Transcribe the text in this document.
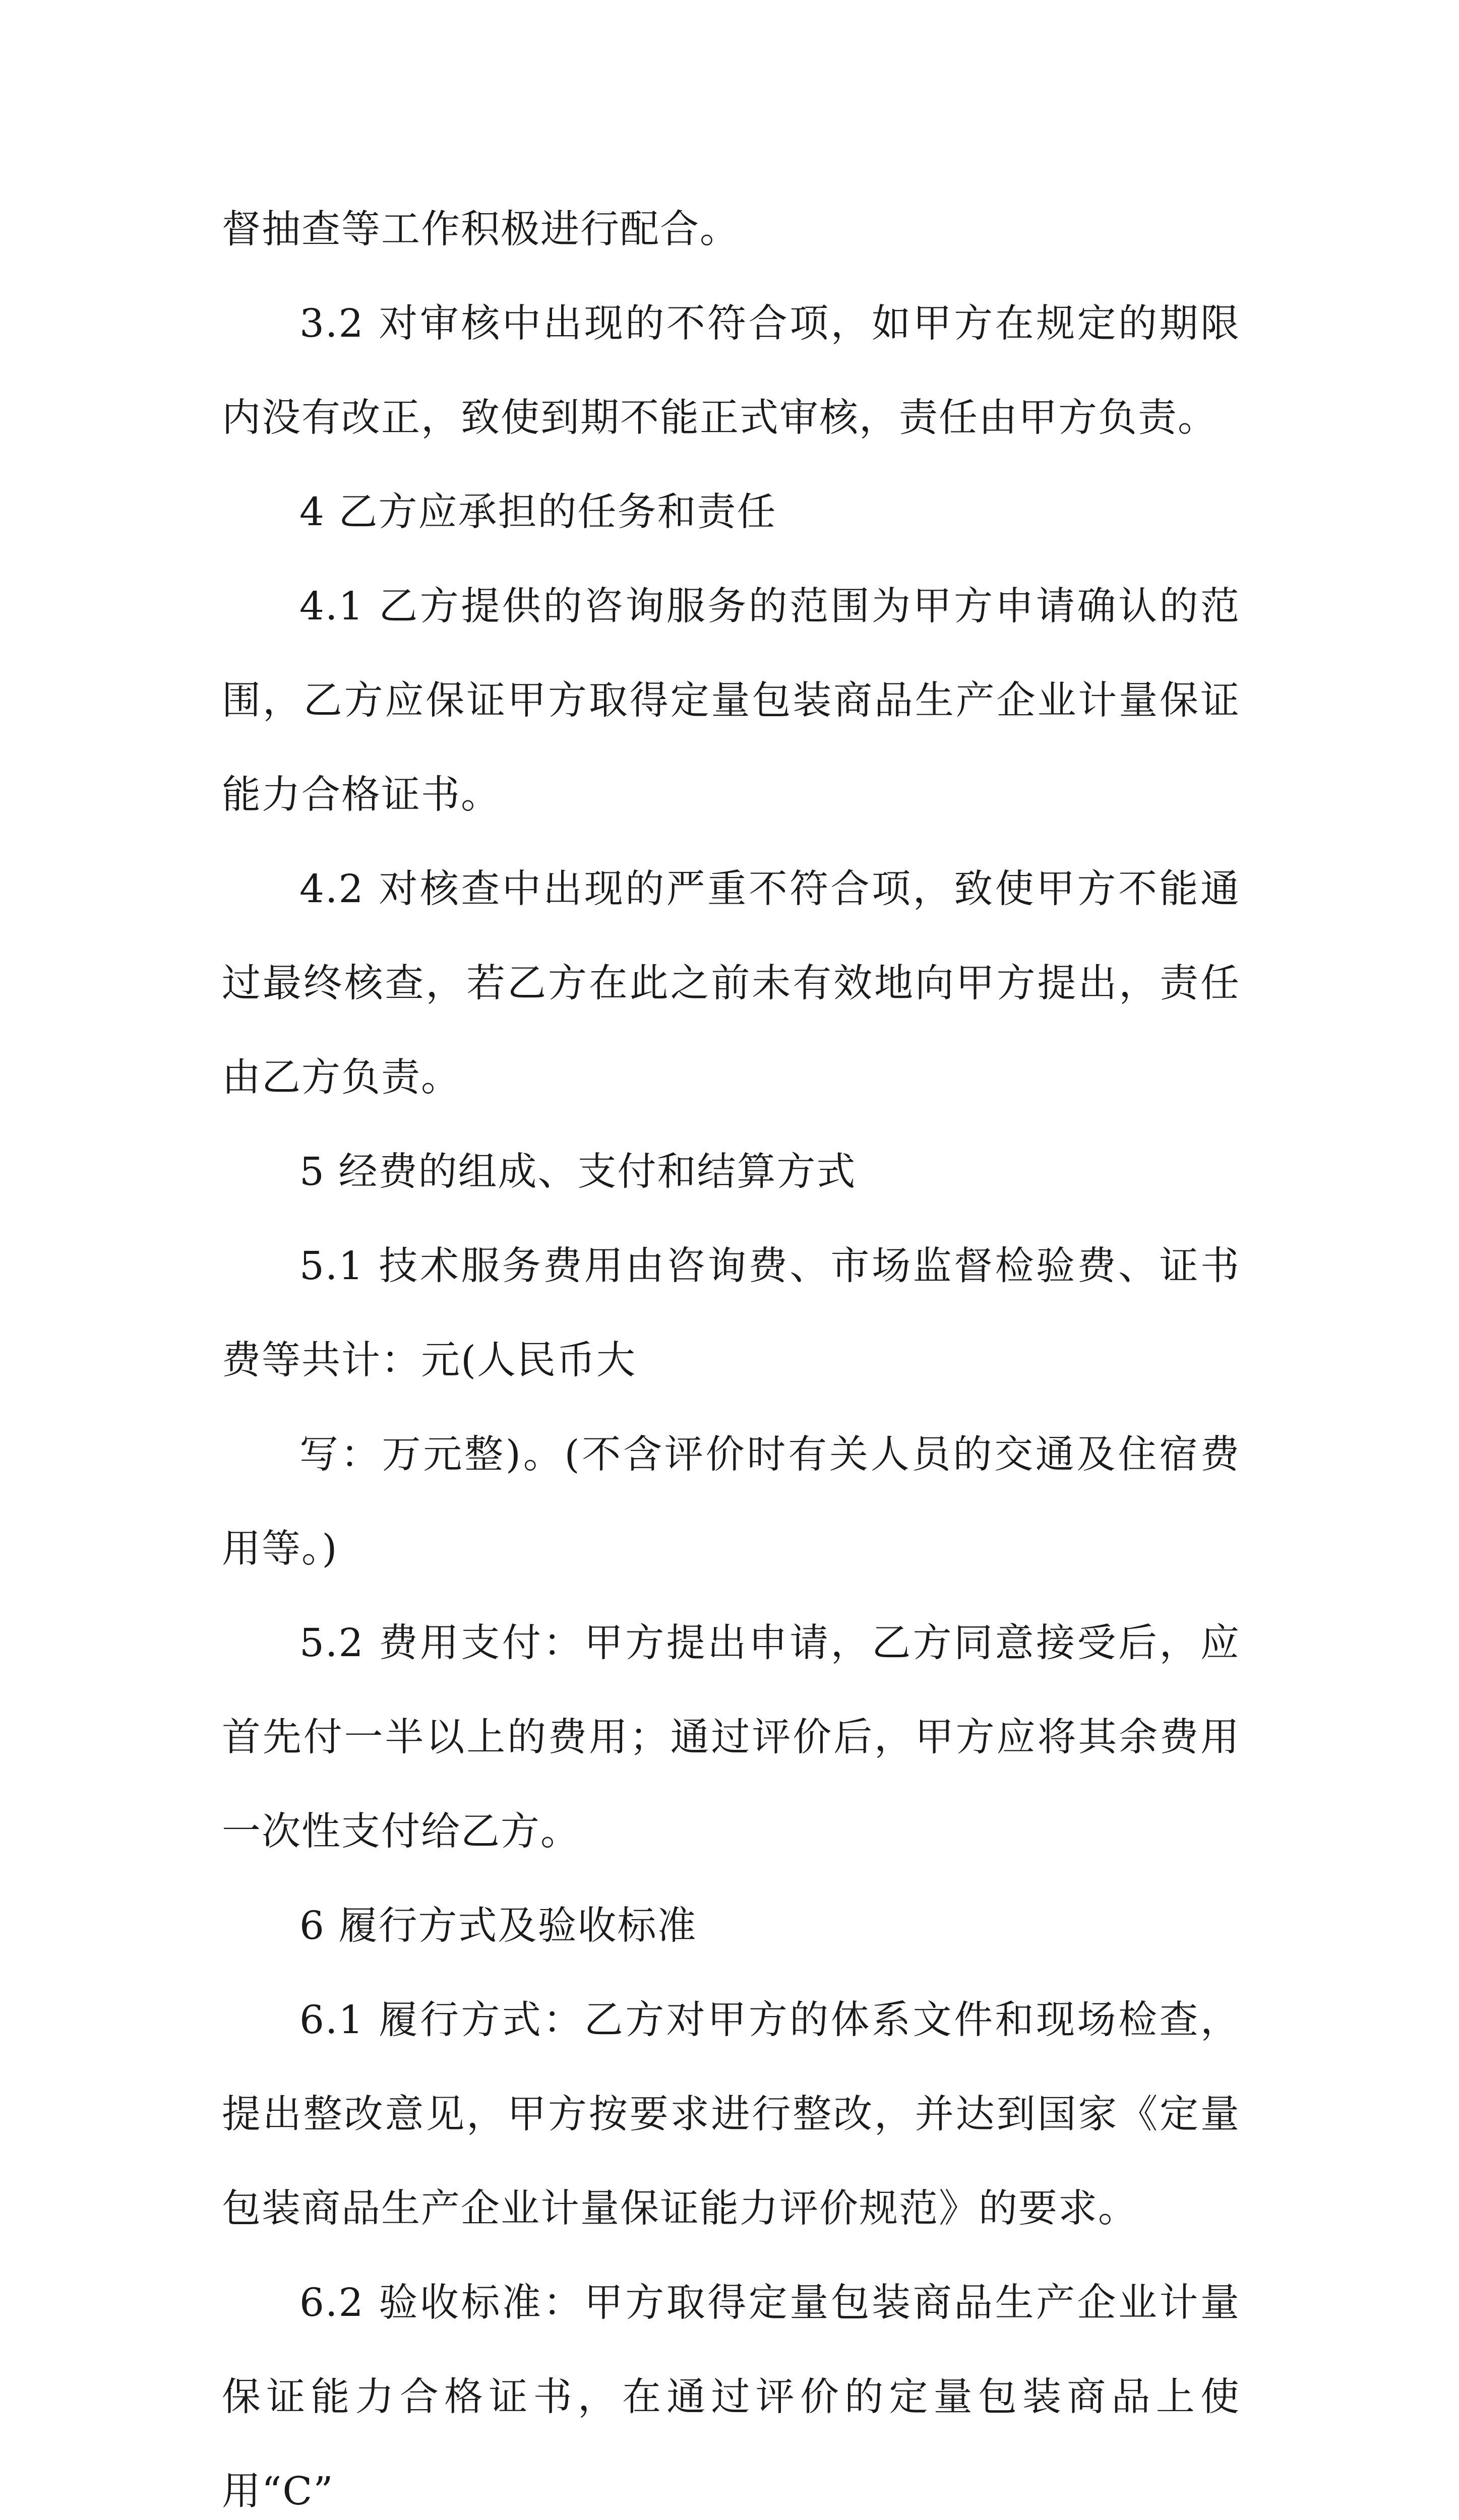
督抽查等工作积极进行配合。

3.2 对审核中出现的不符合项，如甲方在规定的期限内没有改正，致使到期不能正式审核，责任由甲方负责。

4 乙方应承担的任务和责任

4.1 乙方提供的咨询服务的范围为甲方申请确认的范围，乙方应保证甲方取得定量包装商品生产企业计量保证能力合格证书。

4.2 对核查中出现的严重不符合项，致使甲方不能通过最终核查，若乙方在此之前未有效地向甲方提出，责任由乙方负责。

5 经费的组成、支付和结算方式

5.1 技术服务费用由咨询费、市场监督检验费、证书费等共计：元(人民币大

写：万元整)。(不含评价时有关人员的交通及住宿费用等。)

5.2 费用支付：甲方提出申请，乙方同意接受后，应首先付一半以上的费用；通过评价后，甲方应将其余费用一次性支付给乙方。

6 履行方式及验收标准

6.1 履行方式：乙方对甲方的体系文件和现场检查，提出整改意见，甲方按要求进行整改，并达到国家《定量包装商品生产企业计量保证能力评价规范》的要求。

6.2 验收标准：甲方取得定量包装商品生产企业计量保证能力合格证书，在通过评价的定量包装商品上使用“C”
